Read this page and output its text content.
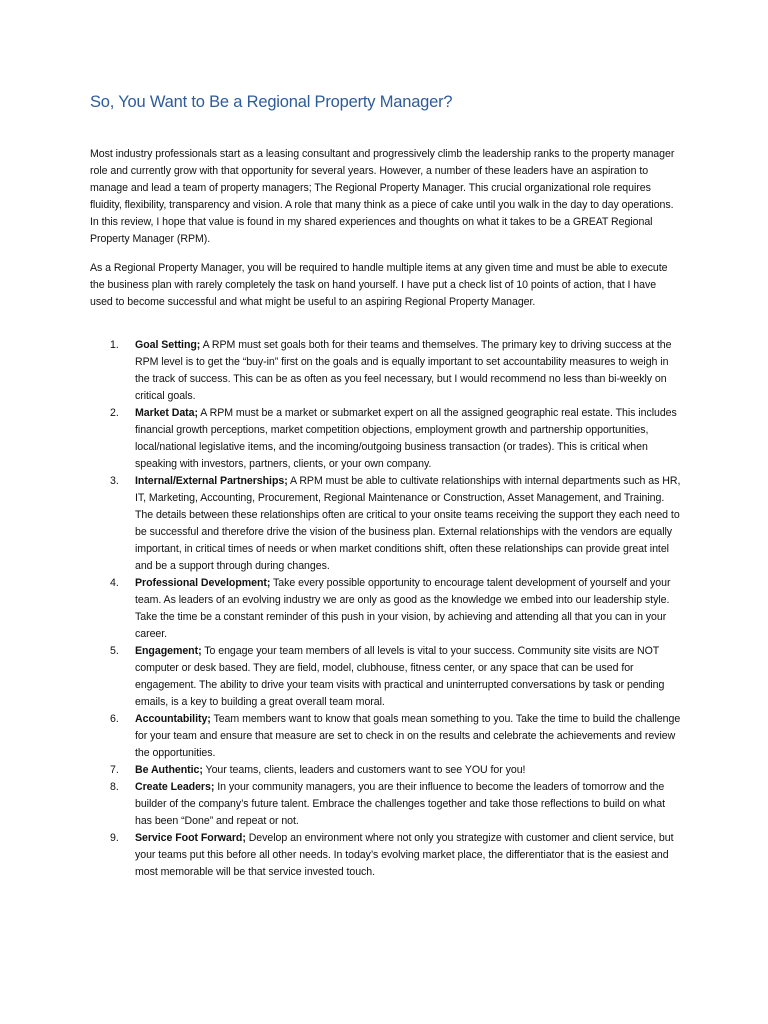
So, You Want to Be a Regional Property Manager?

Most industry professionals start as a leasing consultant and progressively climb the leadership ranks to the property manager role and currently grow with that opportunity for several years. However, a number of these leaders have an aspiration to manage and lead a team of property managers; The Regional Property Manager. This crucial organizational role requires fluidity, flexibility, transparency and vision. A role that many think as a piece of cake until you walk in the day to day operations. In this review, I hope that value is found in my shared experiences and thoughts on what it takes to be a GREAT Regional Property Manager (RPM).

As a Regional Property Manager, you will be required to handle multiple items at any given time and must be able to execute the business plan with rarely completely the task on hand yourself. I have put a check list of 10 points of action, that I have used to become successful and what might be useful to an aspiring Regional Property Manager.

1. Goal Setting; A RPM must set goals both for their teams and themselves. The primary key to driving success at the RPM level is to get the “buy-in” first on the goals and is equally important to set accountability measures to weigh in the track of success. This can be as often as you feel necessary, but I would recommend no less than bi-weekly on critical goals.
2. Market Data; A RPM must be a market or submarket expert on all the assigned geographic real estate. This includes financial growth perceptions, market competition objections, employment growth and partnership opportunities, local/national legislative items, and the incoming/outgoing business transaction (or trades). This is critical when speaking with investors, partners, clients, or your own company.
3. Internal/External Partnerships; A RPM must be able to cultivate relationships with internal departments such as HR, IT, Marketing, Accounting, Procurement, Regional Maintenance or Construction, Asset Management, and Training. The details between these relationships often are critical to your onsite teams receiving the support they each need to be successful and therefore drive the vision of the business plan. External relationships with the vendors are equally important, in critical times of needs or when market conditions shift, often these relationships can provide great intel and be a support through during changes.
4. Professional Development; Take every possible opportunity to encourage talent development of yourself and your team. As leaders of an evolving industry we are only as good as the knowledge we embed into our leadership style. Take the time be a constant reminder of this push in your vision, by achieving and attending all that you can in your career.
5. Engagement; To engage your team members of all levels is vital to your success. Community site visits are NOT computer or desk based. They are field, model, clubhouse, fitness center, or any space that can be used for engagement. The ability to drive your team visits with practical and uninterrupted conversations by task or pending emails, is a key to building a great overall team moral.
6. Accountability; Team members want to know that goals mean something to you. Take the time to build the challenge for your team and ensure that measure are set to check in on the results and celebrate the achievements and review the opportunities.
7. Be Authentic; Your teams, clients, leaders and customers want to see YOU for you!
8. Create Leaders; In your community managers, you are their influence to become the leaders of tomorrow and the builder of the company’s future talent. Embrace the challenges together and take those reflections to build on what has been “Done” and repeat or not.
9. Service Foot Forward; Develop an environment where not only you strategize with customer and client service, but your teams put this before all other needs. In today’s evolving market place, the differentiator that is the easiest and most memorable will be that service invested touch.
